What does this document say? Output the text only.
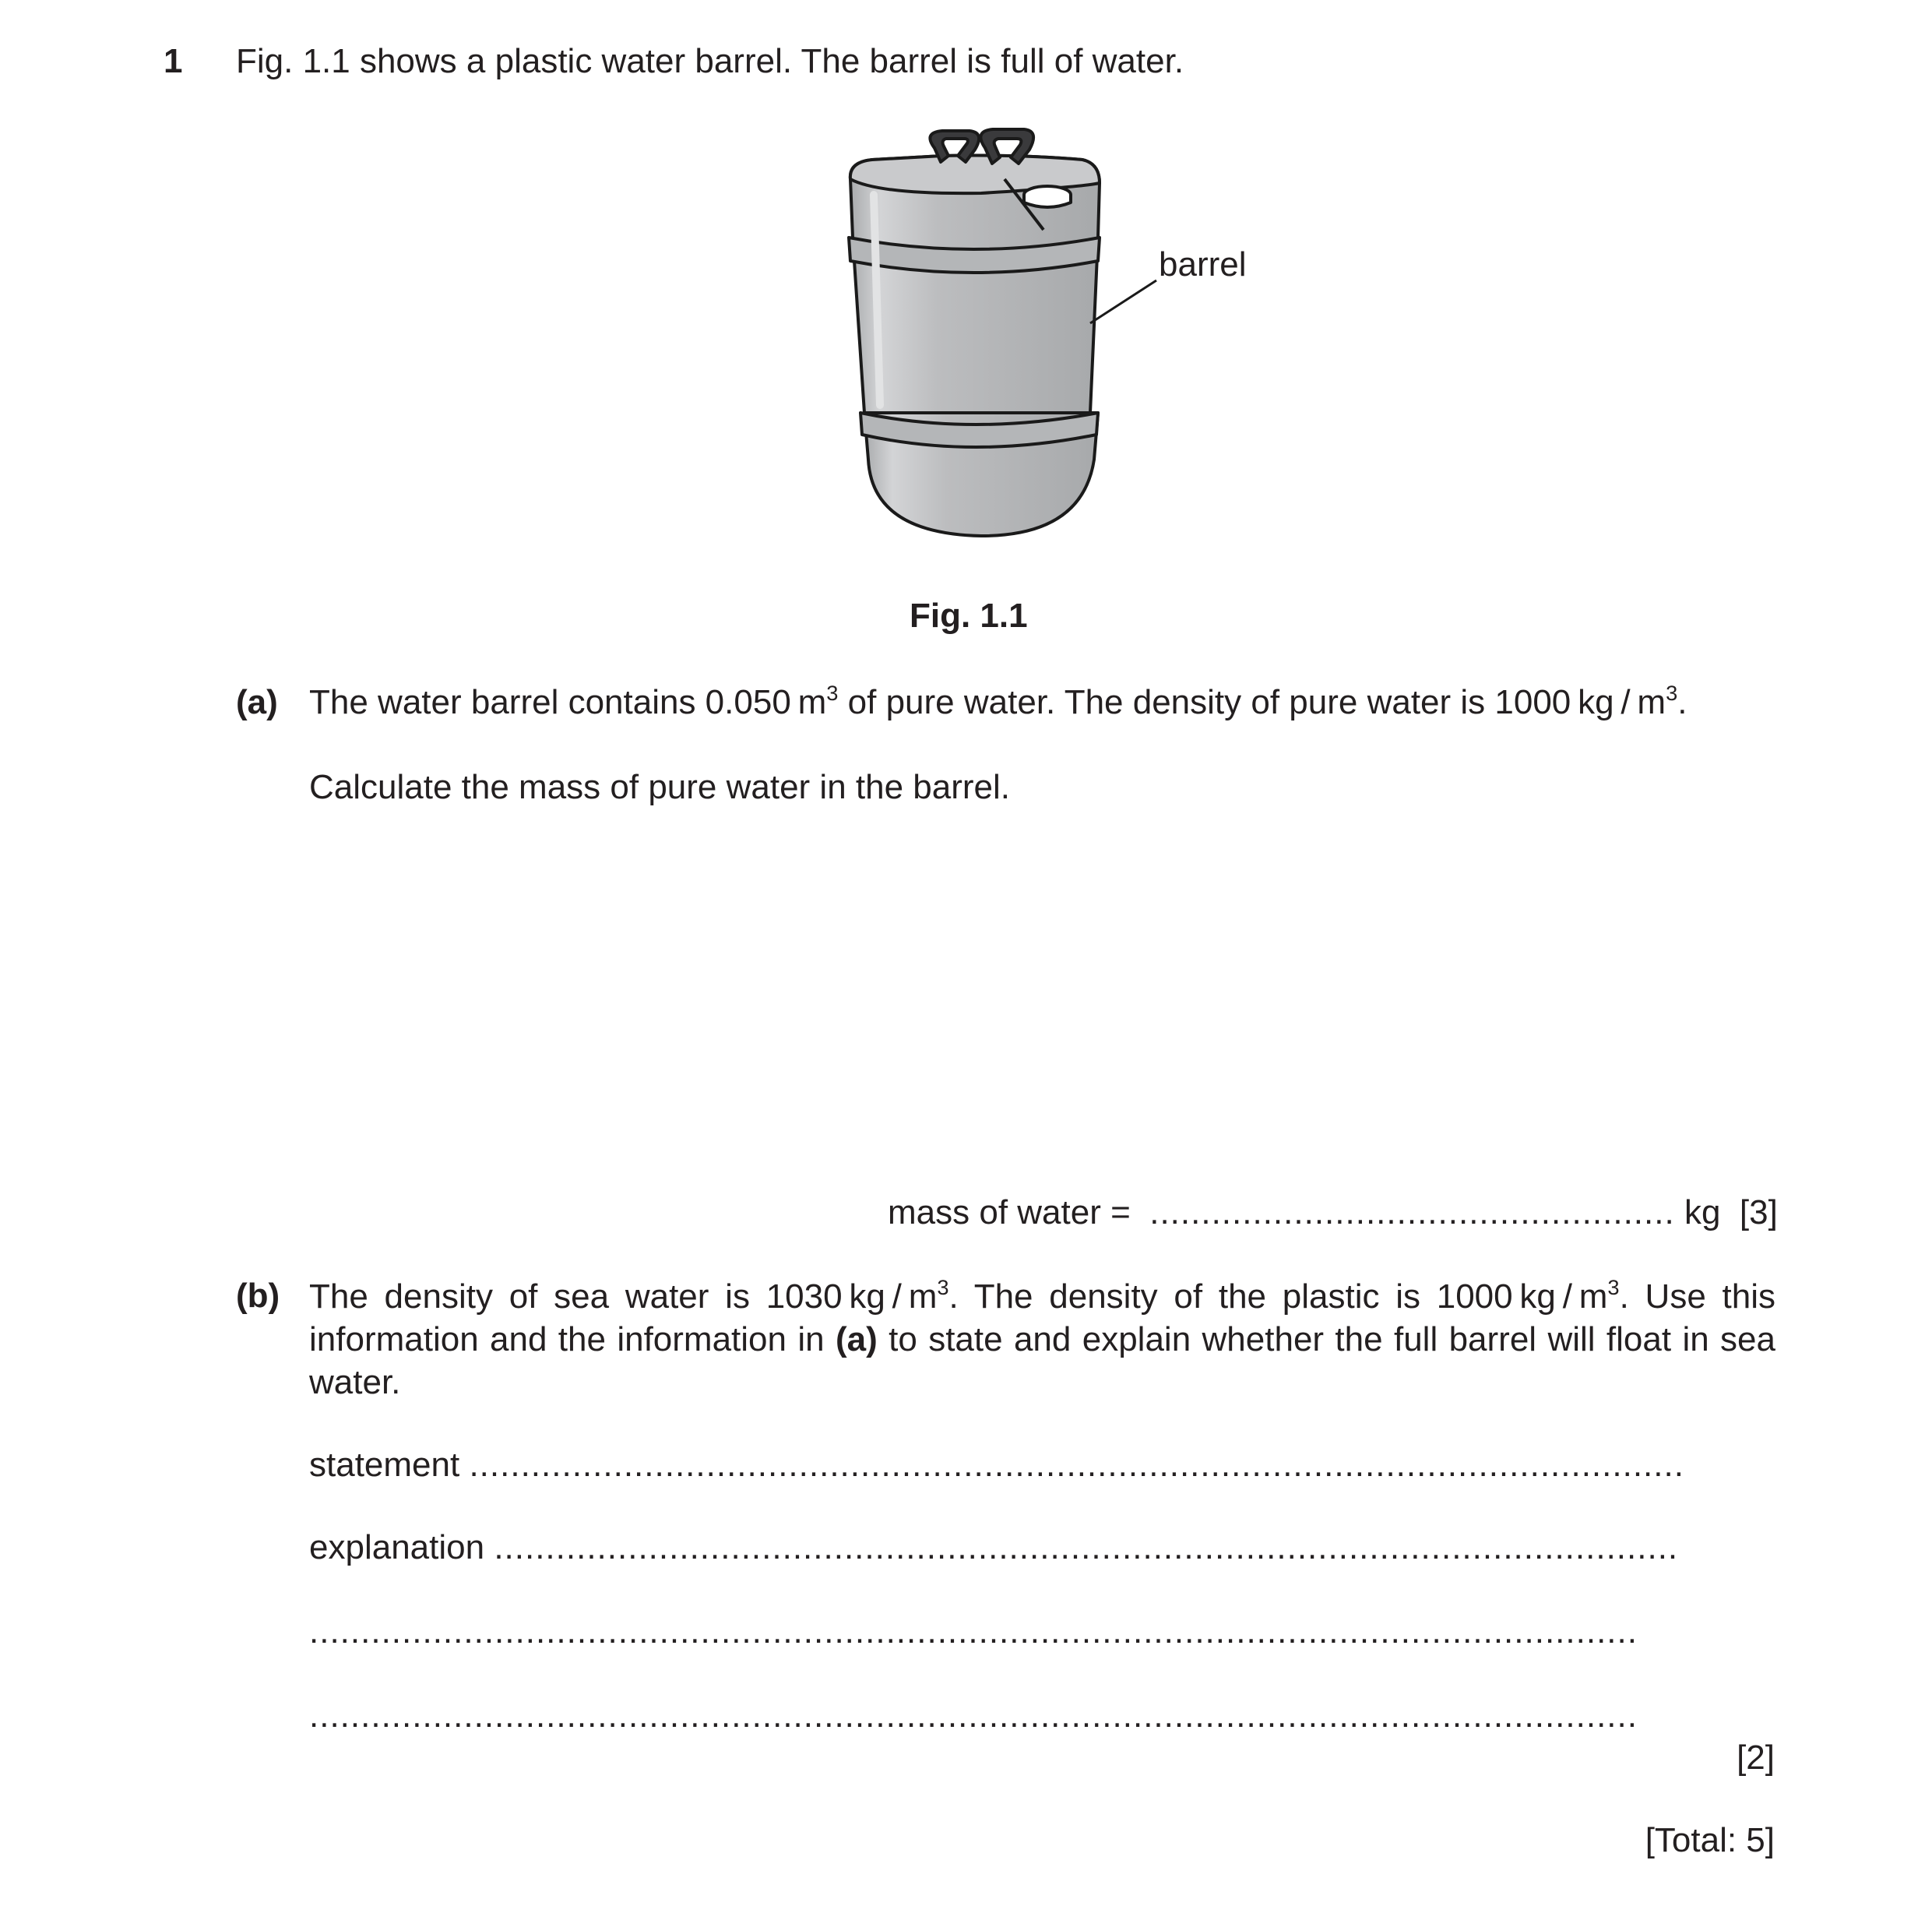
1 Fig. 1.1 shows a plastic water barrel. The barrel is full of water.
barrel
Fig. 1.1
(a) The water barrel contains 0.050 $m^3$ of pure water. The density of pure water is 1000 kg / $m^3$.
Calculate the mass of pure water in the barrel.
mass of water = ................................................... kg [3]
(b) The density of sea water is 1030 kg / $m^3$. The density of the plastic is 1000 kg / $m^3$. Use this information and the information in (a) to state and explain whether the full barrel will float in sea water.
statement ......................................................................................................................
explanation ...................................................................................................................
.................................................................................................................................
.................................................................................................................................
[2]
[Total: 5]
